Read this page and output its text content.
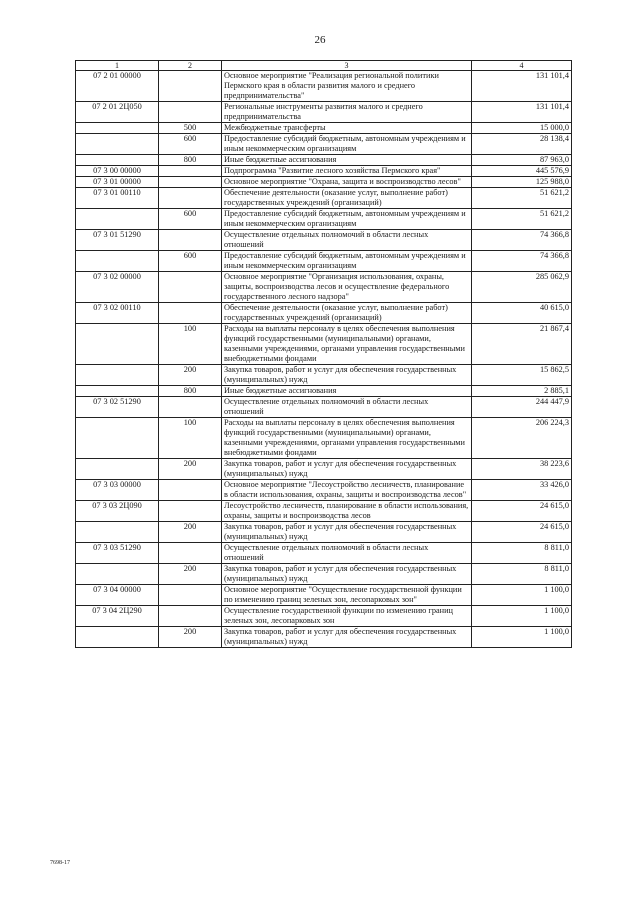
26
1	2	3	4
07 2 01 00000		Основное мероприятие "Реализация региональной политики Пермского края в области развития малого и среднего предпринимательства"	131 101,4
07 2 01 2Ц050		Региональные инструменты развития малого и среднего предпринимательства	131 101,4
	500	Межбюджетные трансферты	15 000,0
	600	Предоставление субсидий бюджетным, автономным учреждениям и иным некоммерческим организациям	28 138,4
	800	Иные бюджетные ассигнования	87 963,0
07 3 00 00000		Подпрограмма "Развитие лесного хозяйства Пермского края"	445 576,9
07 3 01 00000		Основное мероприятие "Охрана, защита и воспроизводство лесов"	125 988,0
07 3 01 00110		Обеспечение деятельности (оказание услуг, выполнение работ) государственных учреждений (организаций)	51 621,2
	600	Предоставление субсидий бюджетным, автономным учреждениям и иным некоммерческим организациям	51 621,2
07 3 01 51290		Осуществление отдельных полномочий в области лесных отношений	74 366,8
	600	Предоставление субсидий бюджетным, автономным учреждениям и иным некоммерческим организациям	74 366,8
07 3 02 00000		Основное мероприятие "Организация использования, охраны, защиты, воспроизводства лесов и осуществление федерального государственного лесного надзора"	285 062,9
07 3 02 00110		Обеспечение деятельности (оказание услуг, выполнение работ) государственных учреждений (организаций)	40 615,0
	100	Расходы на выплаты персоналу в целях обеспечения выполнения функций государственными (муниципальными) органами, казенными учреждениями, органами управления государственными внебюджетными фондами	21 867,4
	200	Закупка товаров, работ и услуг для обеспечения государственных (муниципальных) нужд	15 862,5
	800	Иные бюджетные ассигнования	2 885,1
07 3 02 51290		Осуществление отдельных полномочий в области лесных отношений	244 447,9
	100	Расходы на выплаты персоналу в целях обеспечения выполнения функций государственными (муниципальными) органами, казенными учреждениями, органами управления государственными внебюджетными фондами	206 224,3
	200	Закупка товаров, работ и услуг для обеспечения государственных (муниципальных) нужд	38 223,6
07 3 03 00000		Основное мероприятие "Лесоустройство лесничеств, планирование в области использования, охраны, защиты и воспроизводства лесов"	33 426,0
07 3 03 2Ц090		Лесоустройство лесничеств, планирование в области использования, охраны, защиты и воспроизводства лесов	24 615,0
	200	Закупка товаров, работ и услуг для обеспечения государственных (муниципальных) нужд	24 615,0
07 3 03 51290		Осуществление отдельных полномочий в области лесных отношений	8 811,0
	200	Закупка товаров, работ и услуг для обеспечения государственных (муниципальных) нужд	8 811,0
07 3 04 00000		Основное мероприятие "Осуществление государственной функции по изменению границ зеленых зон, лесопарковых зон"	1 100,0
07 3 04 2Ц290		Осуществление государственной функции по изменению границ зеленых зон, лесопарковых зон	1 100,0
	200	Закупка товаров, работ и услуг для обеспечения государственных (муниципальных) нужд	1 100,0
7698-17
